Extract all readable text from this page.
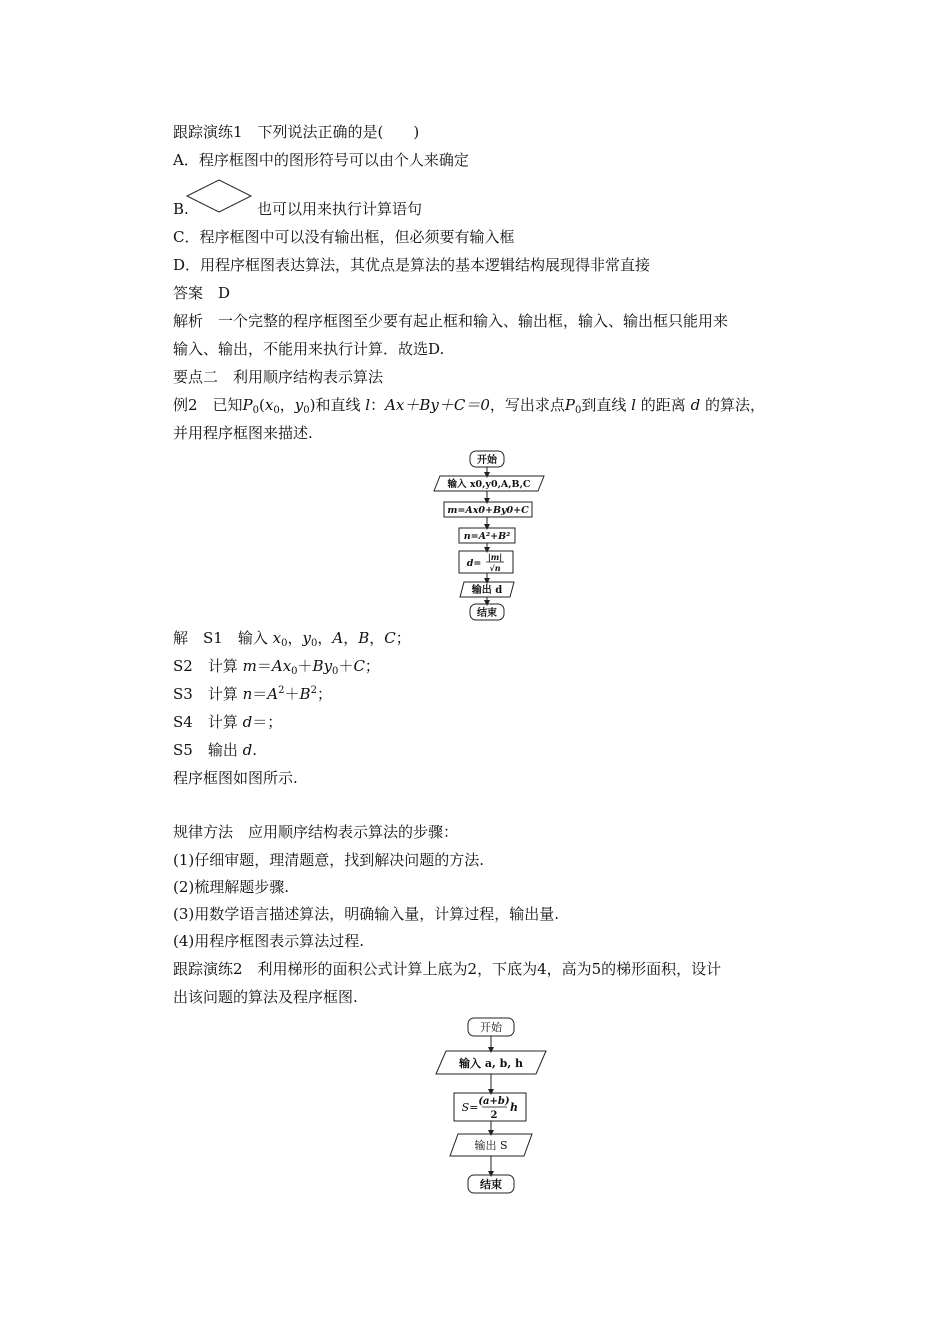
跟踪演练1　下列说法正确的是(　　)
A．程序框图中的图形符号可以由个人来确定
B.	也可以用来执行计算语句
C．程序框图中可以没有输出框，但必须要有输入框
D．用程序框图表达算法，其优点是算法的基本逻辑结构展现得非常直接
答案　D
解析　一个完整的程序框图至少要有起止框和输入、输出框，输入、输出框只能用来
输入、输出，不能用来执行计算．故选D.
要点二　利用顺序结构表示算法
例2　已知$P_0(x_0$，$y_0$)和直线 l：Ax＋By＋C＝0，写出求点$P_0$到直线 l 的距离 d 的算法，
并用程序框图来描述.
开始
输入 x0,y0,A,B,C
m=Ax0+By0+C
n=A²+B²
d=
|m|
√n
输出 d
结束
解　S1　输入 $x_0$，$y_0$，A，B，C；
S2　计算 $m=Ax_0+By_0+C$；
S3　计算 $n=A^2+B^2$；
S4　计算 d＝；
S5　输出 d.
程序框图如图所示.
规律方法　应用顺序结构表示算法的步骤：
(1)仔细审题，理清题意，找到解决问题的方法.
(2)梳理解题步骤.
(3)用数学语言描述算法，明确输入量，计算过程，输出量.
(4)用程序框图表示算法过程.
跟踪演练2　利用梯形的面积公式计算上底为2，下底为4，高为5的梯形面积，设计
出该问题的算法及程序框图.
开始
输入 a, b, h
S= (a+b)
2
h
输出 S
结束
